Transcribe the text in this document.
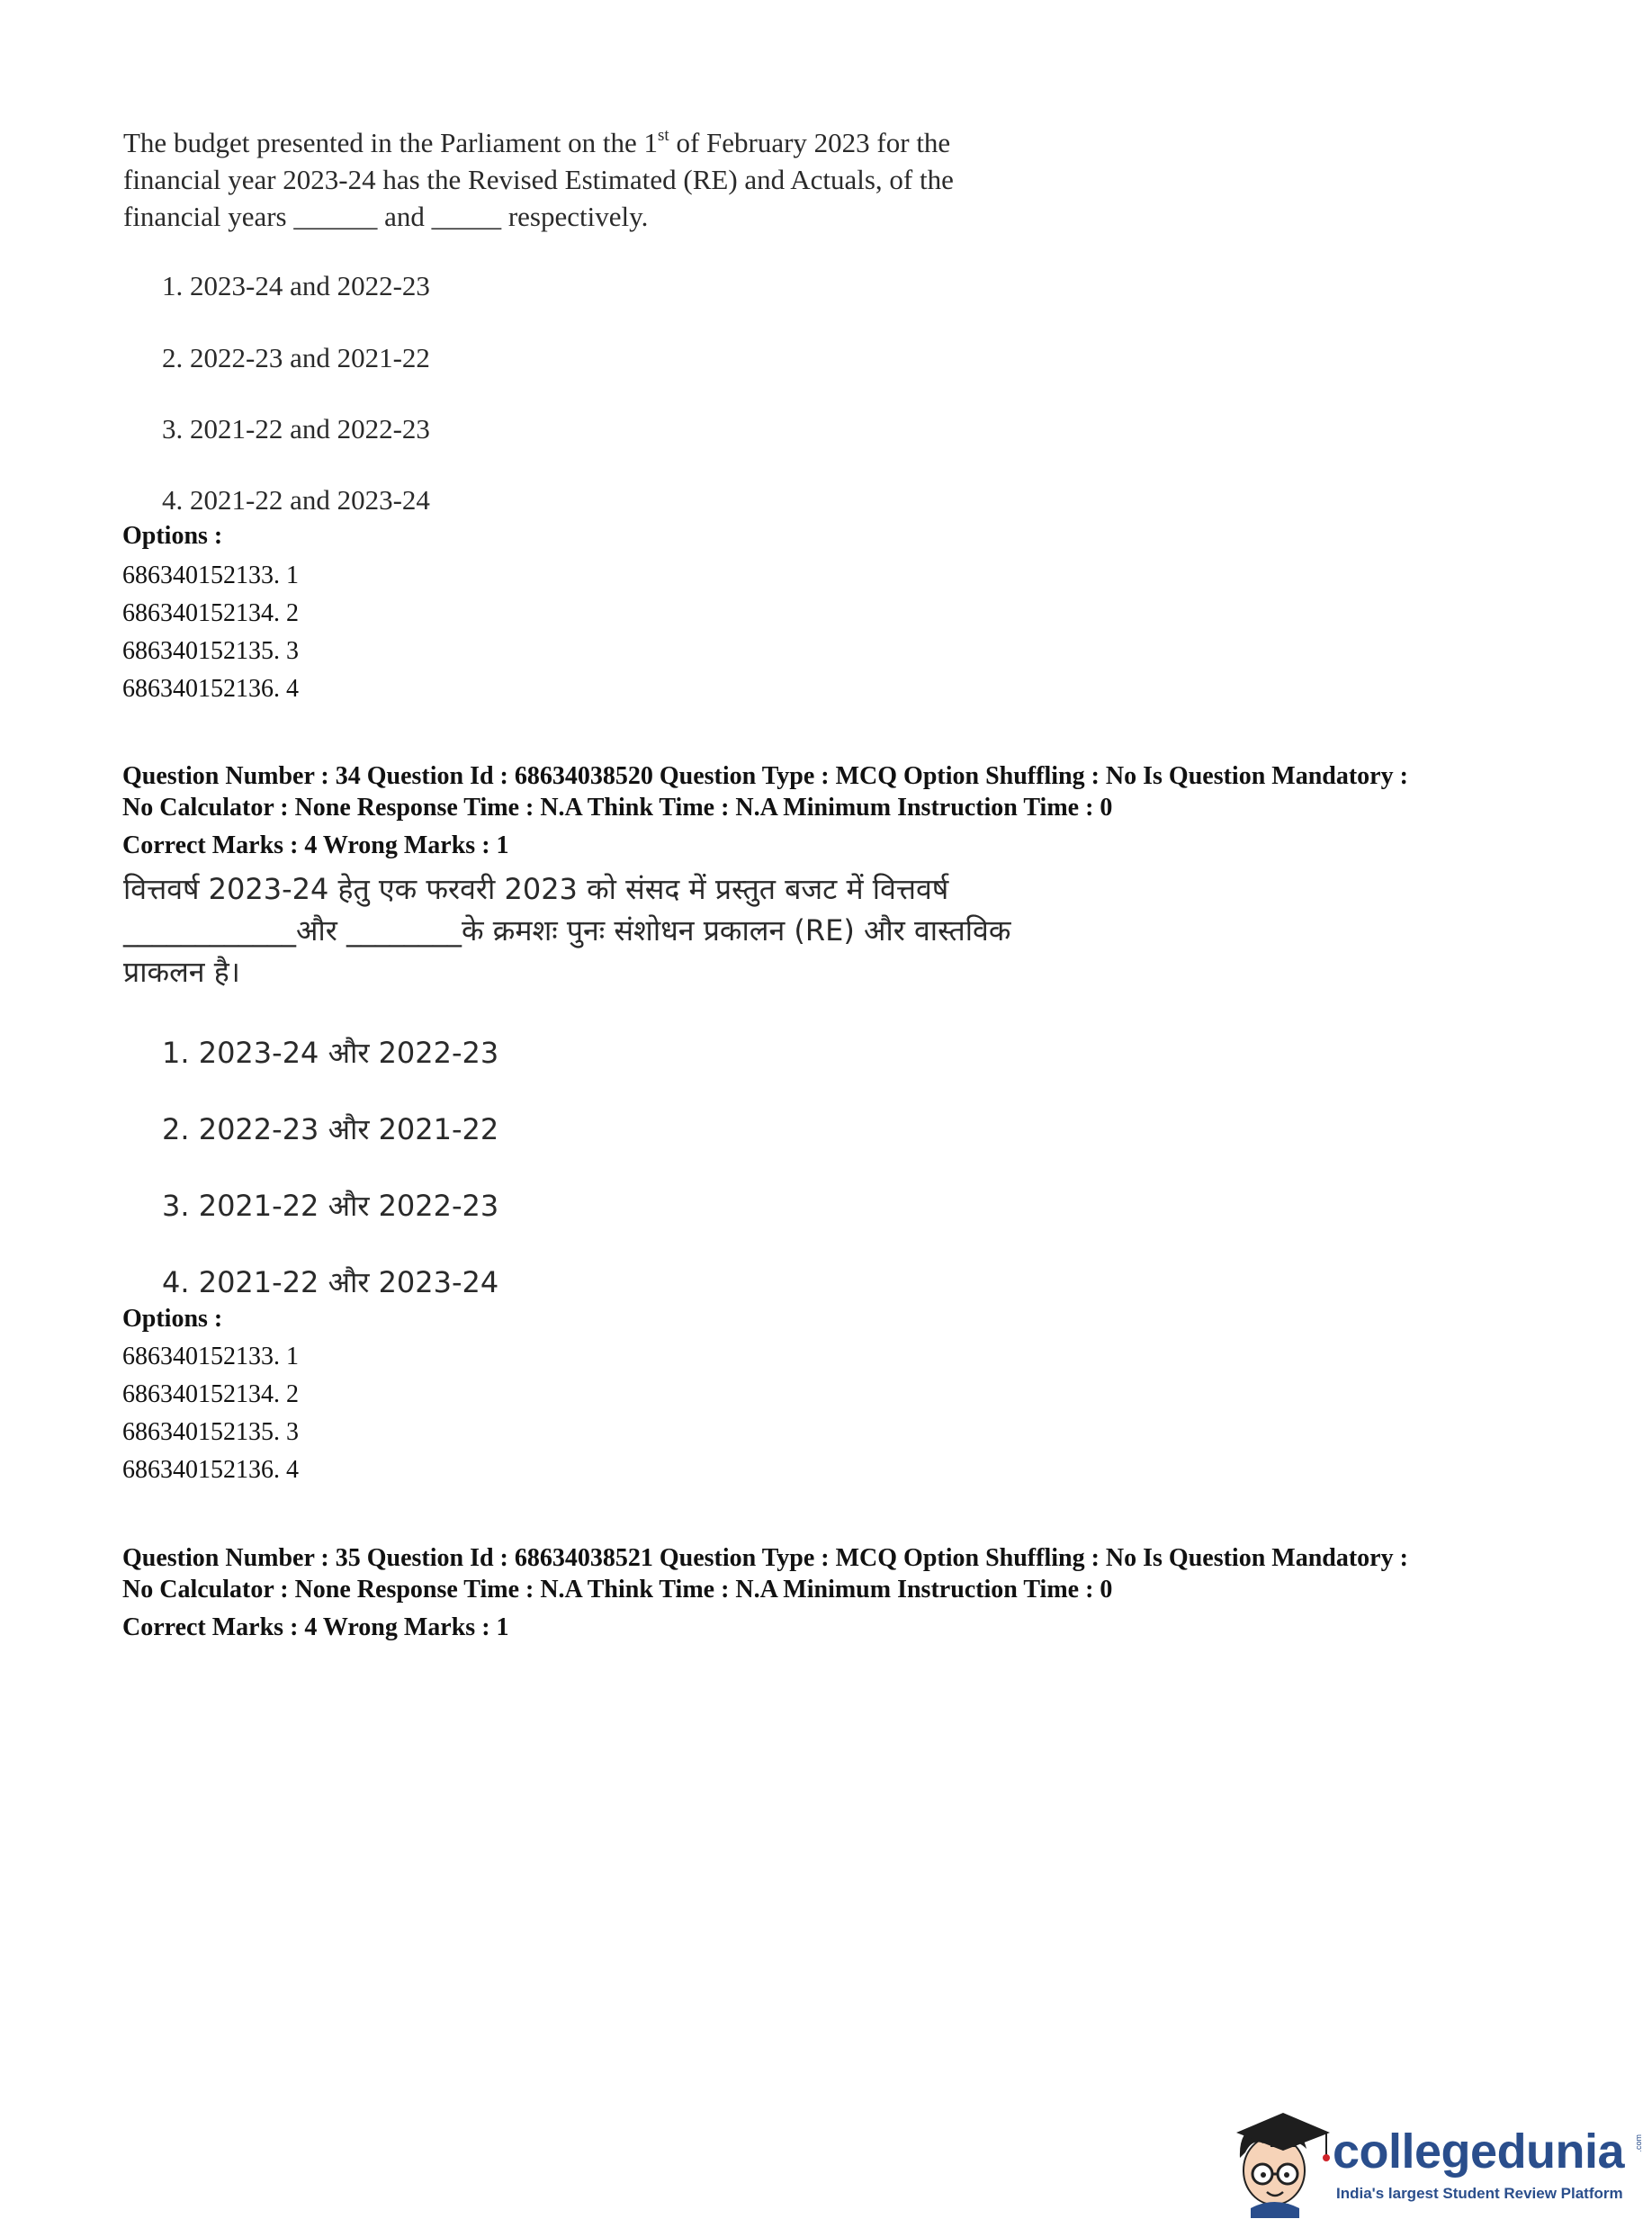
The budget presented in the Parliament on the 1st of February 2023 for the
financial year 2023-24 has the Revised Estimated (RE) and Actuals, of the
financial years ______ and _____ respectively.
1. 2023-24 and 2022-23
2. 2022-23 and 2021-22
3. 2021-22 and 2022-23
4. 2021-22 and 2023-24
Options :
686340152133. 1
686340152134. 2
686340152135. 3
686340152136. 4
Question Number : 34 Question Id : 68634038520 Question Type : MCQ Option Shuffling : No Is Question Mandatory :
No Calculator : None Response Time : N.A Think Time : N.A Minimum Instruction Time : 0
Correct Marks : 4 Wrong Marks : 1
वित्तवर्ष 2023-24 हेतु एक फरवरी 2023 को संसद में प्रस्तुत बजट में वित्तवर्ष
____________और ________के क्रमशः पुनः संशोधन प्रकालन (RE) और वास्तविक
प्राकलन है।
1. 2023-24 और 2022-23
2. 2022-23 और 2021-22
3. 2021-22 और 2022-23
4. 2021-22 और 2023-24
Options :
686340152133. 1
686340152134. 2
686340152135. 3
686340152136. 4
Question Number : 35 Question Id : 68634038521 Question Type : MCQ Option Shuffling : No Is Question Mandatory :
No Calculator : None Response Time : N.A Think Time : N.A Minimum Instruction Time : 0
Correct Marks : 4 Wrong Marks : 1
collegedunia .com
India's largest Student Review Platform
